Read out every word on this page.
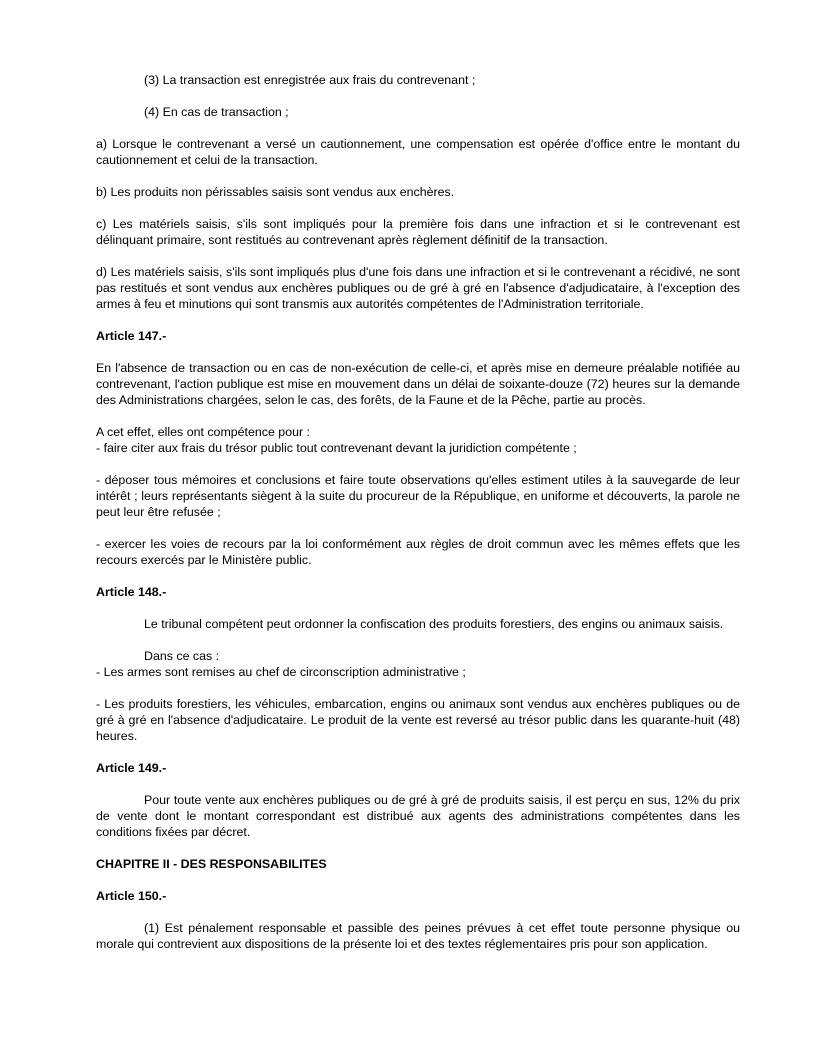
(3) La transaction est enregistrée aux frais du contrevenant ;

(4) En cas de transaction ;

a) Lorsque le contrevenant a versé un cautionnement, une compensation est opérée d'office entre le montant du cautionnement et celui de la transaction.

b) Les produits non périssables saisis sont vendus aux enchères.

c) Les matériels saisis, s'ils sont impliqués pour la première fois dans une infraction et si le contrevenant est délinquant primaire, sont restitués au contrevenant après règlement définitif de la transaction.

d) Les matériels saisis, s'ils sont impliqués plus d'une fois dans une infraction et si le contrevenant a récidivé, ne sont pas restitués et sont vendus aux enchères publiques ou de gré à gré en l'absence d'adjudicataire, à l'exception des armes à feu et minutions qui sont transmis aux autorités compétentes de l'Administration territoriale.

Article 147.-

En l'absence de transaction ou en cas de non-exécution de celle-ci, et après mise en demeure préalable notifiée au contrevenant, l'action publique est mise en mouvement dans un délai de soixante-douze (72) heures sur la demande des Administrations chargées, selon le cas, des forêts, de la Faune et de la Pêche, partie au procès.

A cet effet, elles ont compétence pour :

- faire citer aux frais du trésor public tout contrevenant devant la juridiction compétente ;

- déposer tous mémoires et conclusions et faire toute observations qu'elles estiment utiles à la sauvegarde de leur intérêt ; leurs représentants siègent à la suite du procureur de la République, en uniforme et découverts, la parole ne peut leur être refusée ;

- exercer les voies de recours par la loi conformément aux règles de droit commun avec les mêmes effets que les recours exercés par le Ministère public.

Article 148.-

Le tribunal compétent peut ordonner la confiscation des produits forestiers, des engins ou animaux saisis.

Dans ce cas :

- Les armes sont remises au chef de circonscription administrative ;

- Les produits forestiers, les véhicules, embarcation, engins ou animaux sont vendus aux enchères publiques ou de gré à gré en l'absence d'adjudicataire. Le produit de la vente est reversé au trésor public dans les quarante-huit (48) heures.

Article 149.-

Pour toute vente aux enchères publiques ou de gré à gré de produits saisis, il est perçu en sus, 12% du prix de vente dont le montant correspondant est distribué aux agents des administrations compétentes dans les conditions fixées par décret.

CHAPITRE II - DES RESPONSABILITES

Article 150.-

(1) Est pénalement responsable et passible des peines prévues à cet effet toute personne physique ou morale qui contrevient aux dispositions de la présente loi et des textes réglementaires pris pour son application.
